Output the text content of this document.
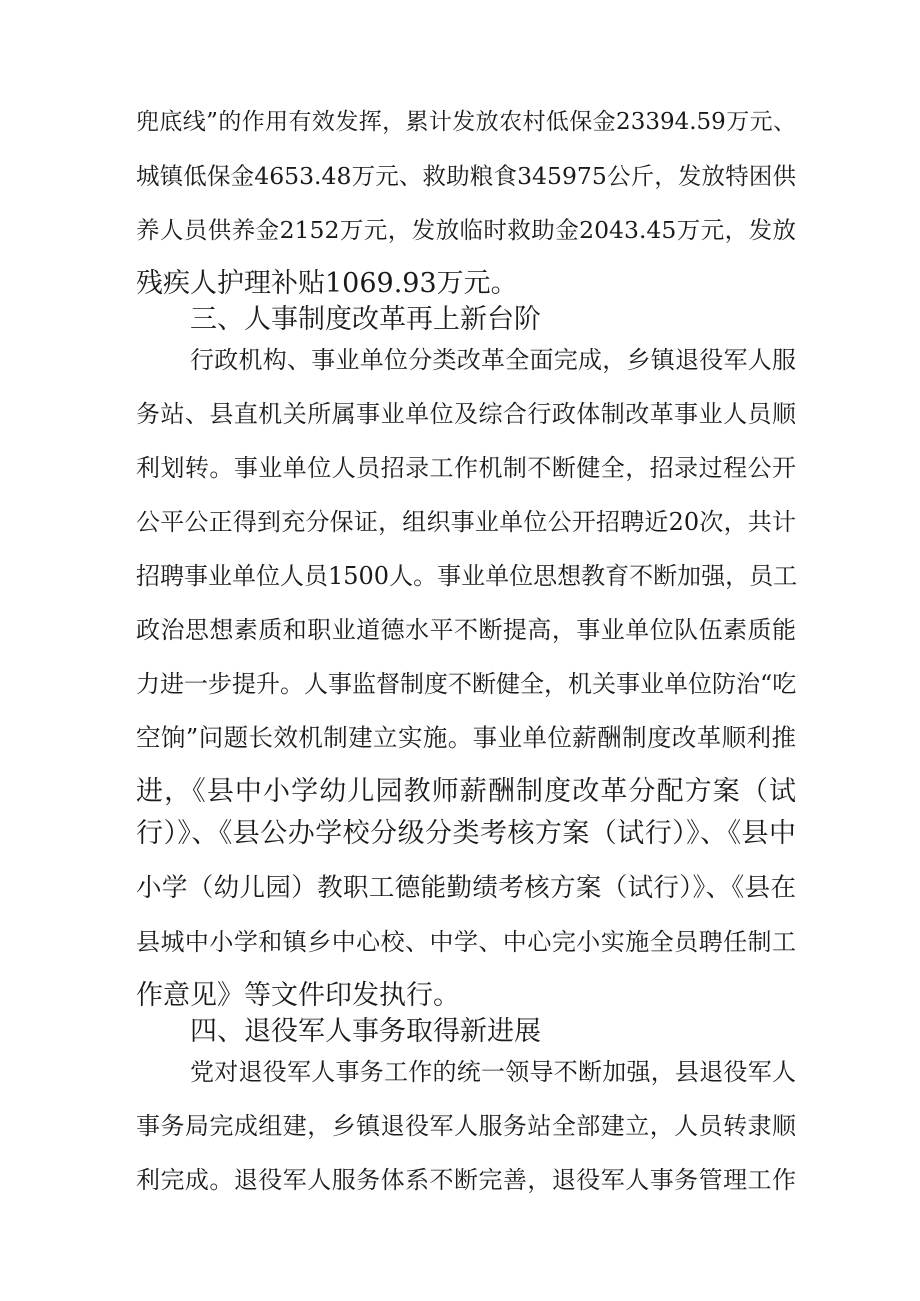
兜底线”的作用有效发挥，累计发放农村低保金23394.59万元、
城镇低保金4653.48万元、救助粮食345975公斤，发放特困供
养人员供养金2152万元，发放临时救助金2043.45万元，发放
残疾人护理补贴1069.93万元。
三、人事制度改革再上新台阶
行政机构、事业单位分类改革全面完成，乡镇退役军人服
务站、县直机关所属事业单位及综合行政体制改革事业人员顺
利划转。事业单位人员招录工作机制不断健全，招录过程公开
公平公正得到充分保证，组织事业单位公开招聘近20次，共计
招聘事业单位人员1500人。事业单位思想教育不断加强，员工
政治思想素质和职业道德水平不断提高，事业单位队伍素质能
力进一步提升。人事监督制度不断健全，机关事业单位防治“吃
空饷”问题长效机制建立实施。事业单位薪酬制度改革顺利推
进，《县中小学幼儿园教师薪酬制度改革分配方案（试
行）》、《县公办学校分级分类考核方案（试行）》、《县中
小学（幼儿园）教职工德能勤绩考核方案（试行）》、《县在
县城中小学和镇乡中心校、中学、中心完小实施全员聘任制工
作意见》等文件印发执行。
四、退役军人事务取得新进展
党对退役军人事务工作的统一领导不断加强，县退役军人
事务局完成组建，乡镇退役军人服务站全部建立，人员转隶顺
利完成。退役军人服务体系不断完善，退役军人事务管理工作
